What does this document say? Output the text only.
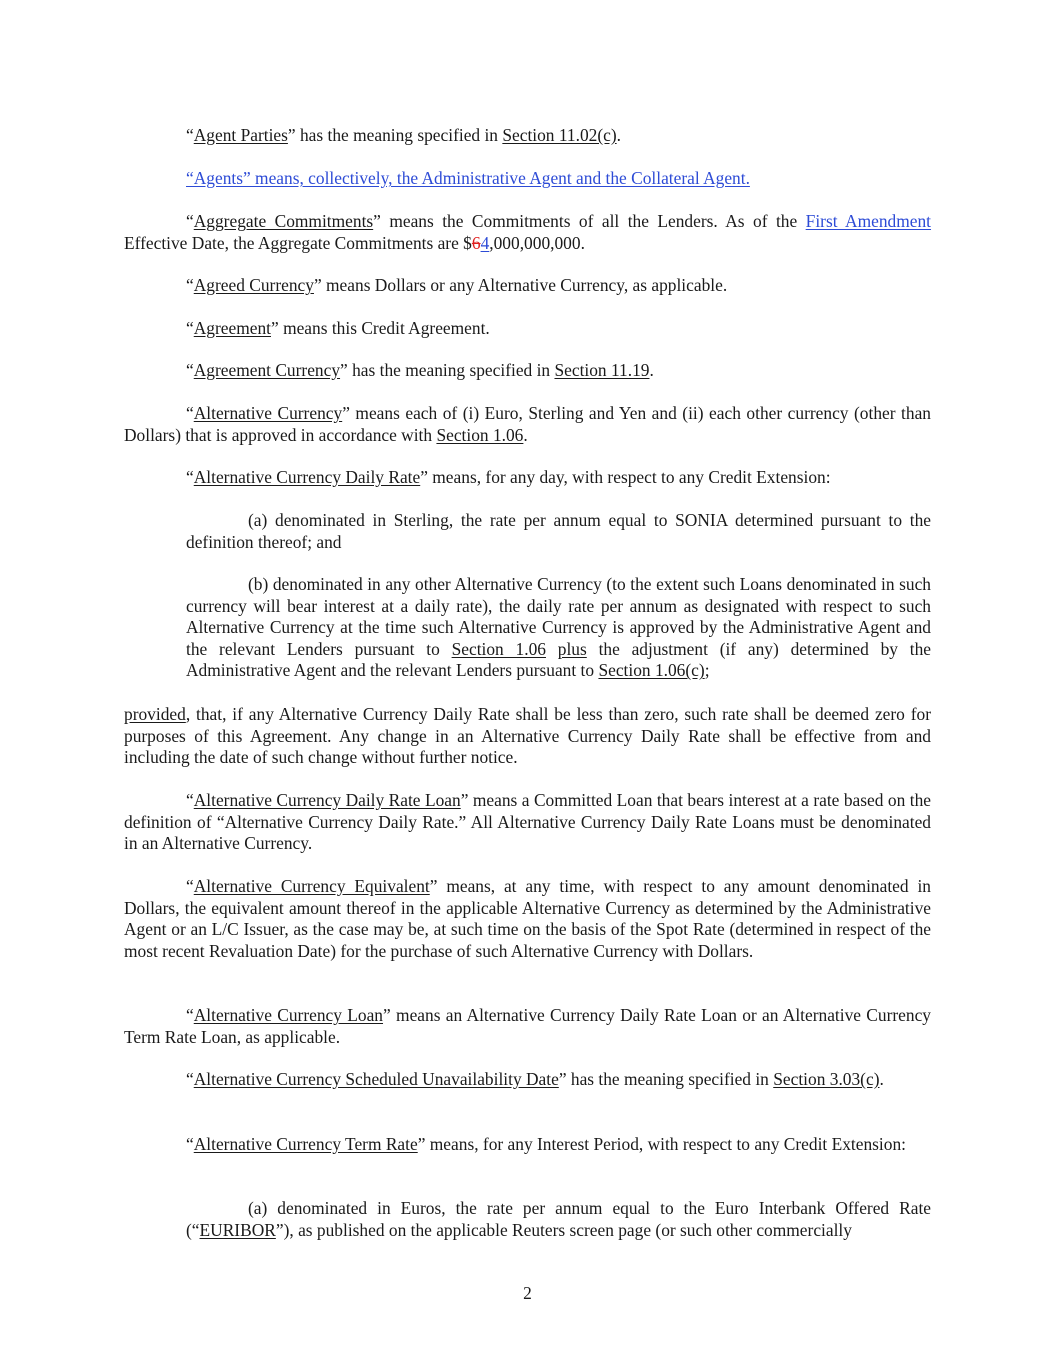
“Agent Parties” has the meaning specified in Section 11.02(c).

“Agents” means, collectively, the Administrative Agent and the Collateral Agent.

“Aggregate Commitments” means the Commitments of all the Lenders. As of the First Amendment Effective Date, the Aggregate Commitments are $64,000,000,000.

“Agreed Currency” means Dollars or any Alternative Currency, as applicable.

“Agreement” means this Credit Agreement.

“Agreement Currency” has the meaning specified in Section 11.19.

“Alternative Currency” means each of (i) Euro, Sterling and Yen and (ii) each other currency (other than Dollars) that is approved in accordance with Section 1.06.

“Alternative Currency Daily Rate” means, for any day, with respect to any Credit Extension:

(a) denominated in Sterling, the rate per annum equal to SONIA determined pursuant to the definition thereof; and

(b) denominated in any other Alternative Currency (to the extent such Loans denominated in such currency will bear interest at a daily rate), the daily rate per annum as designated with respect to such Alternative Currency at the time such Alternative Currency is approved by the Administrative Agent and the relevant Lenders pursuant to Section 1.06 plus the adjustment (if any) determined by the Administrative Agent and the relevant Lenders pursuant to Section 1.06(c);

provided, that, if any Alternative Currency Daily Rate shall be less than zero, such rate shall be deemed zero for purposes of this Agreement. Any change in an Alternative Currency Daily Rate shall be effective from and including the date of such change without further notice.

“Alternative Currency Daily Rate Loan” means a Committed Loan that bears interest at a rate based on the definition of “Alternative Currency Daily Rate.” All Alternative Currency Daily Rate Loans must be denominated in an Alternative Currency.

“Alternative Currency Equivalent” means, at any time, with respect to any amount denominated in Dollars, the equivalent amount thereof in the applicable Alternative Currency as determined by the Administrative Agent or an L/C Issuer, as the case may be, at such time on the basis of the Spot Rate (determined in respect of the most recent Revaluation Date) for the purchase of such Alternative Currency with Dollars.

“Alternative Currency Loan” means an Alternative Currency Daily Rate Loan or an Alternative Currency Term Rate Loan, as applicable.

“Alternative Currency Scheduled Unavailability Date” has the meaning specified in Section 3.03(c).

“Alternative Currency Term Rate” means, for any Interest Period, with respect to any Credit Extension:

(a) denominated in Euros, the rate per annum equal to the Euro Interbank Offered Rate (“EURIBOR”), as published on the applicable Reuters screen page (or such other commercially

2
